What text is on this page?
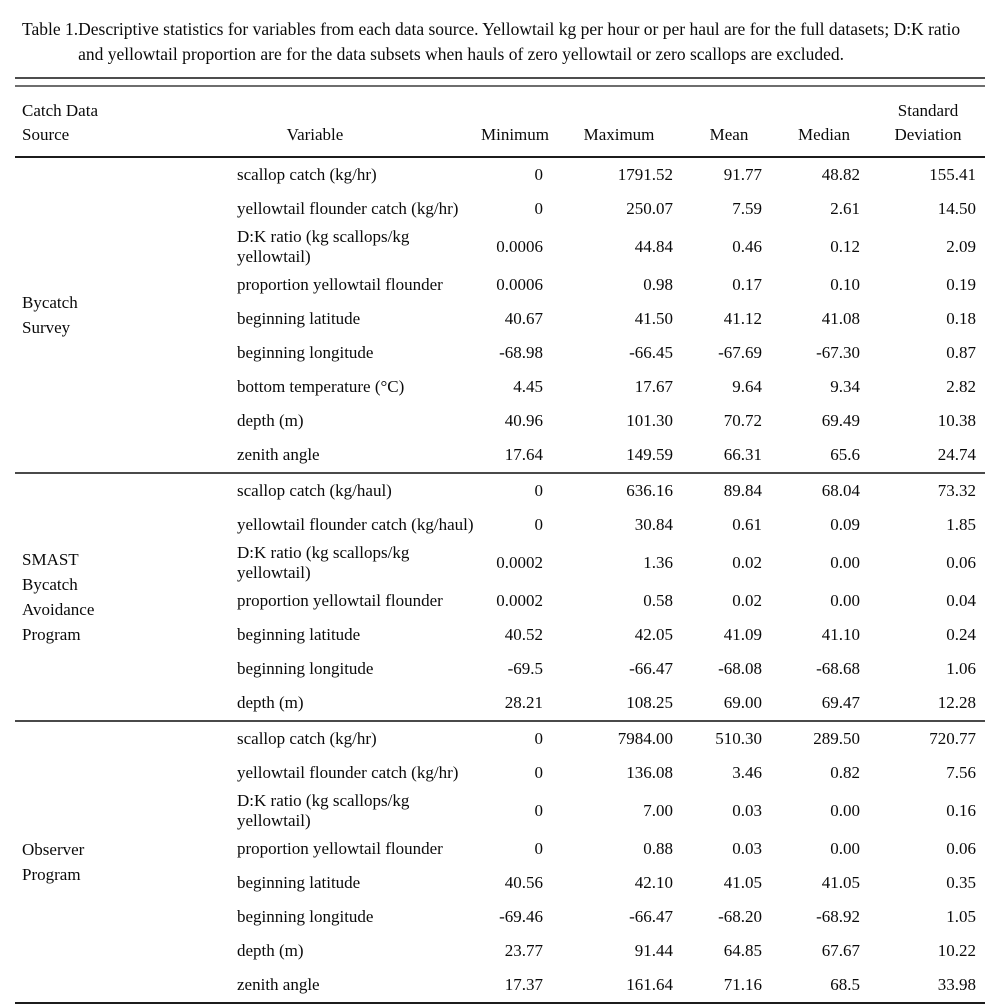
Table 1. Descriptive statistics for variables from each data source. Yellowtail kg per hour or per haul are for the full datasets; D:K ratio and yellowtail proportion are for the data subsets when hauls of zero yellowtail or zero scallops are excluded.
Catch Data Source	Variable	Minimum	Maximum	Mean	Median	Standard Deviation
Bycatch Survey	scallop catch (kg/hr)	0	1791.52	91.77	48.82	155.41
	yellowtail flounder catch (kg/hr)	0	250.07	7.59	2.61	14.50
	D:K ratio (kg scallops/kg yellowtail)	0.0006	44.84	0.46	0.12	2.09
	proportion yellowtail flounder	0.0006	0.98	0.17	0.10	0.19
	beginning latitude	40.67	41.50	41.12	41.08	0.18
	beginning longitude	-68.98	-66.45	-67.69	-67.30	0.87
	bottom temperature (°C)	4.45	17.67	9.64	9.34	2.82
	depth (m)	40.96	101.30	70.72	69.49	10.38
	zenith angle	17.64	149.59	66.31	65.6	24.74
SMAST Bycatch Avoidance Program	scallop catch (kg/haul)	0	636.16	89.84	68.04	73.32
	yellowtail flounder catch (kg/haul)	0	30.84	0.61	0.09	1.85
	D:K ratio (kg scallops/kg yellowtail)	0.0002	1.36	0.02	0.00	0.06
	proportion yellowtail flounder	0.0002	0.58	0.02	0.00	0.04
	beginning latitude	40.52	42.05	41.09	41.10	0.24
	beginning longitude	-69.5	-66.47	-68.08	-68.68	1.06
	depth (m)	28.21	108.25	69.00	69.47	12.28
Observer Program	scallop catch (kg/hr)	0	7984.00	510.30	289.50	720.77
	yellowtail flounder catch (kg/hr)	0	136.08	3.46	0.82	7.56
	D:K ratio (kg scallops/kg yellowtail)	0	7.00	0.03	0.00	0.16
	proportion yellowtail flounder	0	0.88	0.03	0.00	0.06
	beginning latitude	40.56	42.10	41.05	41.05	0.35
	beginning longitude	-69.46	-66.47	-68.20	-68.92	1.05
	depth (m)	23.77	91.44	64.85	67.67	10.22
	zenith angle	17.37	161.64	71.16	68.5	33.98
